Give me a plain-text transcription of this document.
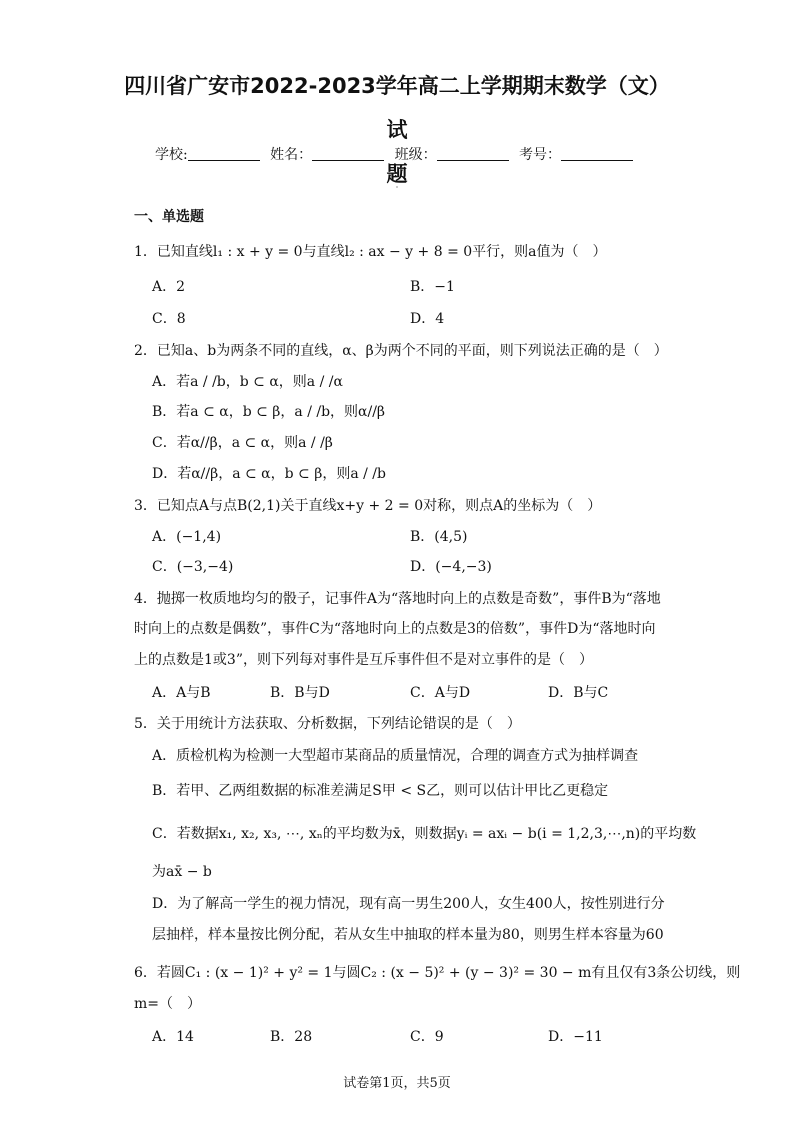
四川省广安市2022-2023学年高二上学期期末数学（文）试
题
学校:	姓名：	班级：	考号：
一、单选题
1．已知直线l₁ : x + y = 0与直线l₂ : ax − y + 8 = 0平行，则a值为（　）
A．2	B．−1
C．8	D．4
2．已知a、b为两条不同的直线，α、β为两个不同的平面，则下列说法正确的是（　）
A．若a / /b，b ⊂ α，则a / /α
B．若a ⊂ α，b ⊂ β，a / /b，则α//β
C．若α//β，a ⊂ α，则a / /β
D．若α//β，a ⊂ α，b ⊂ β，则a / /b
3．已知点A与点B(2,1)关于直线x+y + 2 = 0对称，则点A的坐标为（　）
A．(−1,4)	B．(4,5)
C．(−3,−4)	D．(−4,−3)
4．抛掷一枚质地均匀的骰子，记事件A为“落地时向上的点数是奇数”，事件B为“落地
时向上的点数是偶数”，事件C为“落地时向上的点数是3的倍数”，事件D为“落地时向
上的点数是1或3”，则下列每对事件是互斥事件但不是对立事件的是（　）
A．A与B	B．B与D	C．A与D	D．B与C
5．关于用统计方法获取、分析数据，下列结论错误的是（　）
A．质检机构为检测一大型超市某商品的质量情况，合理的调查方式为抽样调查
B．若甲、乙两组数据的标准差满足S甲 < S乙，则可以估计甲比乙更稳定
C．若数据x₁, x₂, x₃, ⋯, xₙ的平均数为x̄，则数据yᵢ = axᵢ − b(i = 1,2,3,⋯,n)的平均数
为ax̄ − b
D．为了解高一学生的视力情况，现有高一男生200人，女生400人，按性别进行分
层抽样，样本量按比例分配，若从女生中抽取的样本量为80，则男生样本容量为60
6．若圆C₁ : (x − 1)² + y² = 1与圆C₂ : (x − 5)² + (y − 3)² = 30 − m有且仅有3条公切线，则
m=（　）
A．14	B．28	C．9	D．−11
试卷第1页，共5页
